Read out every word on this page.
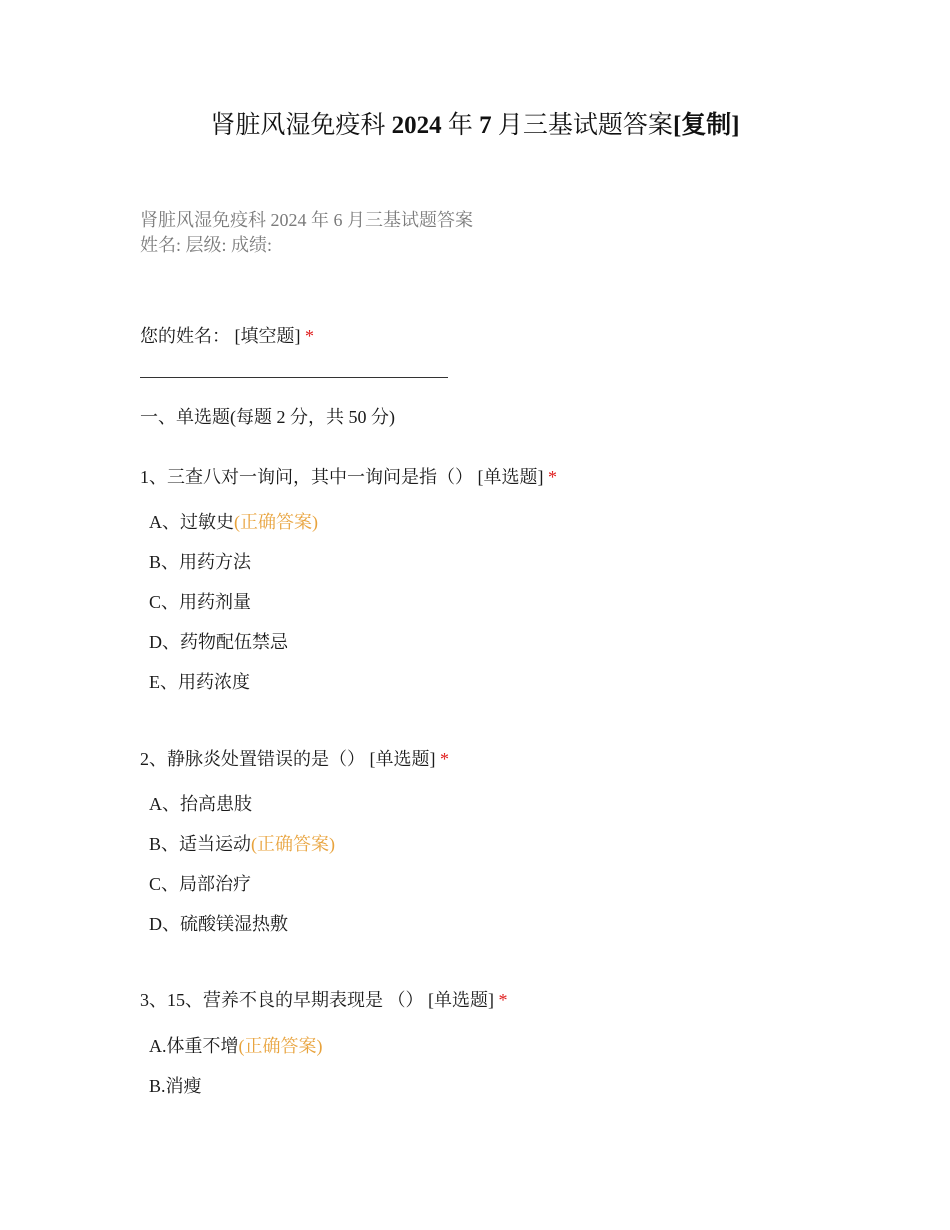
肾脏风湿免疫科 2024 年 7 月三基试题答案[复制]
肾脏风湿免疫科 2024 年 6 月三基试题答案
姓名: 层级: 成绩:
您的姓名： [填空题] *
一、单选题(每题 2 分，共 50 分)
1、三查八对一询问，其中一询问是指（） [单选题] *
A、过敏史(正确答案)
B、用药方法
C、用药剂量
D、药物配伍禁忌
E、用药浓度
2、静脉炎处置错误的是（） [单选题] *
A、抬高患肢
B、适当运动(正确答案)
C、局部治疗
D、硫酸镁湿热敷
3、15、营养不良的早期表现是 （） [单选题] *
A.体重不增(正确答案)
B.消瘦
